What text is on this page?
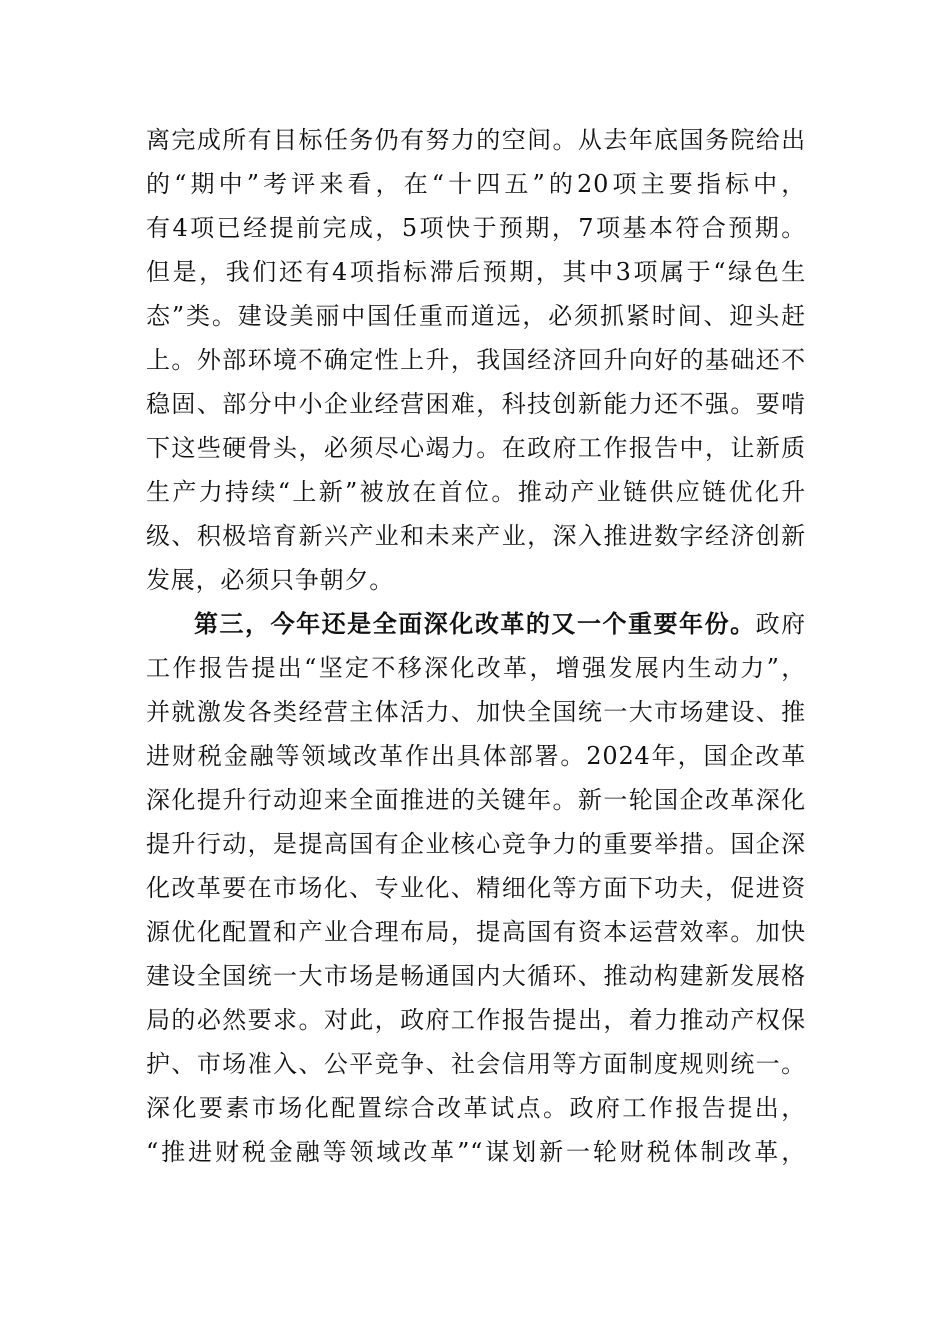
离完成所有目标任务仍有努力的空间。从去年底国务院给出
的“期中”考评来看，在“十四五”的20项主要指标中，
有4项已经提前完成，5项快于预期，7项基本符合预期。
但是，我们还有4项指标滞后预期，其中3项属于“绿色生
态”类。建设美丽中国任重而道远，必须抓紧时间、迎头赶
上。外部环境不确定性上升，我国经济回升向好的基础还不
稳固、部分中小企业经营困难，科技创新能力还不强。要啃
下这些硬骨头，必须尽心竭力。在政府工作报告中，让新质
生产力持续“上新”被放在首位。推动产业链供应链优化升
级、积极培育新兴产业和未来产业，深入推进数字经济创新
发展，必须只争朝夕。
第三，今年还是全面深化改革的又一个重要年份。政府
工作报告提出“坚定不移深化改革，增强发展内生动力”，
并就激发各类经营主体活力、加快全国统一大市场建设、推
进财税金融等领域改革作出具体部署。2024年，国企改革
深化提升行动迎来全面推进的关键年。新一轮国企改革深化
提升行动，是提高国有企业核心竞争力的重要举措。国企深
化改革要在市场化、专业化、精细化等方面下功夫，促进资
源优化配置和产业合理布局，提高国有资本运营效率。加快
建设全国统一大市场是畅通国内大循环、推动构建新发展格
局的必然要求。对此，政府工作报告提出，着力推动产权保
护、市场准入、公平竞争、社会信用等方面制度规则统一。
深化要素市场化配置综合改革试点。政府工作报告提出，
“推进财税金融等领域改革”“谋划新一轮财税体制改革，
